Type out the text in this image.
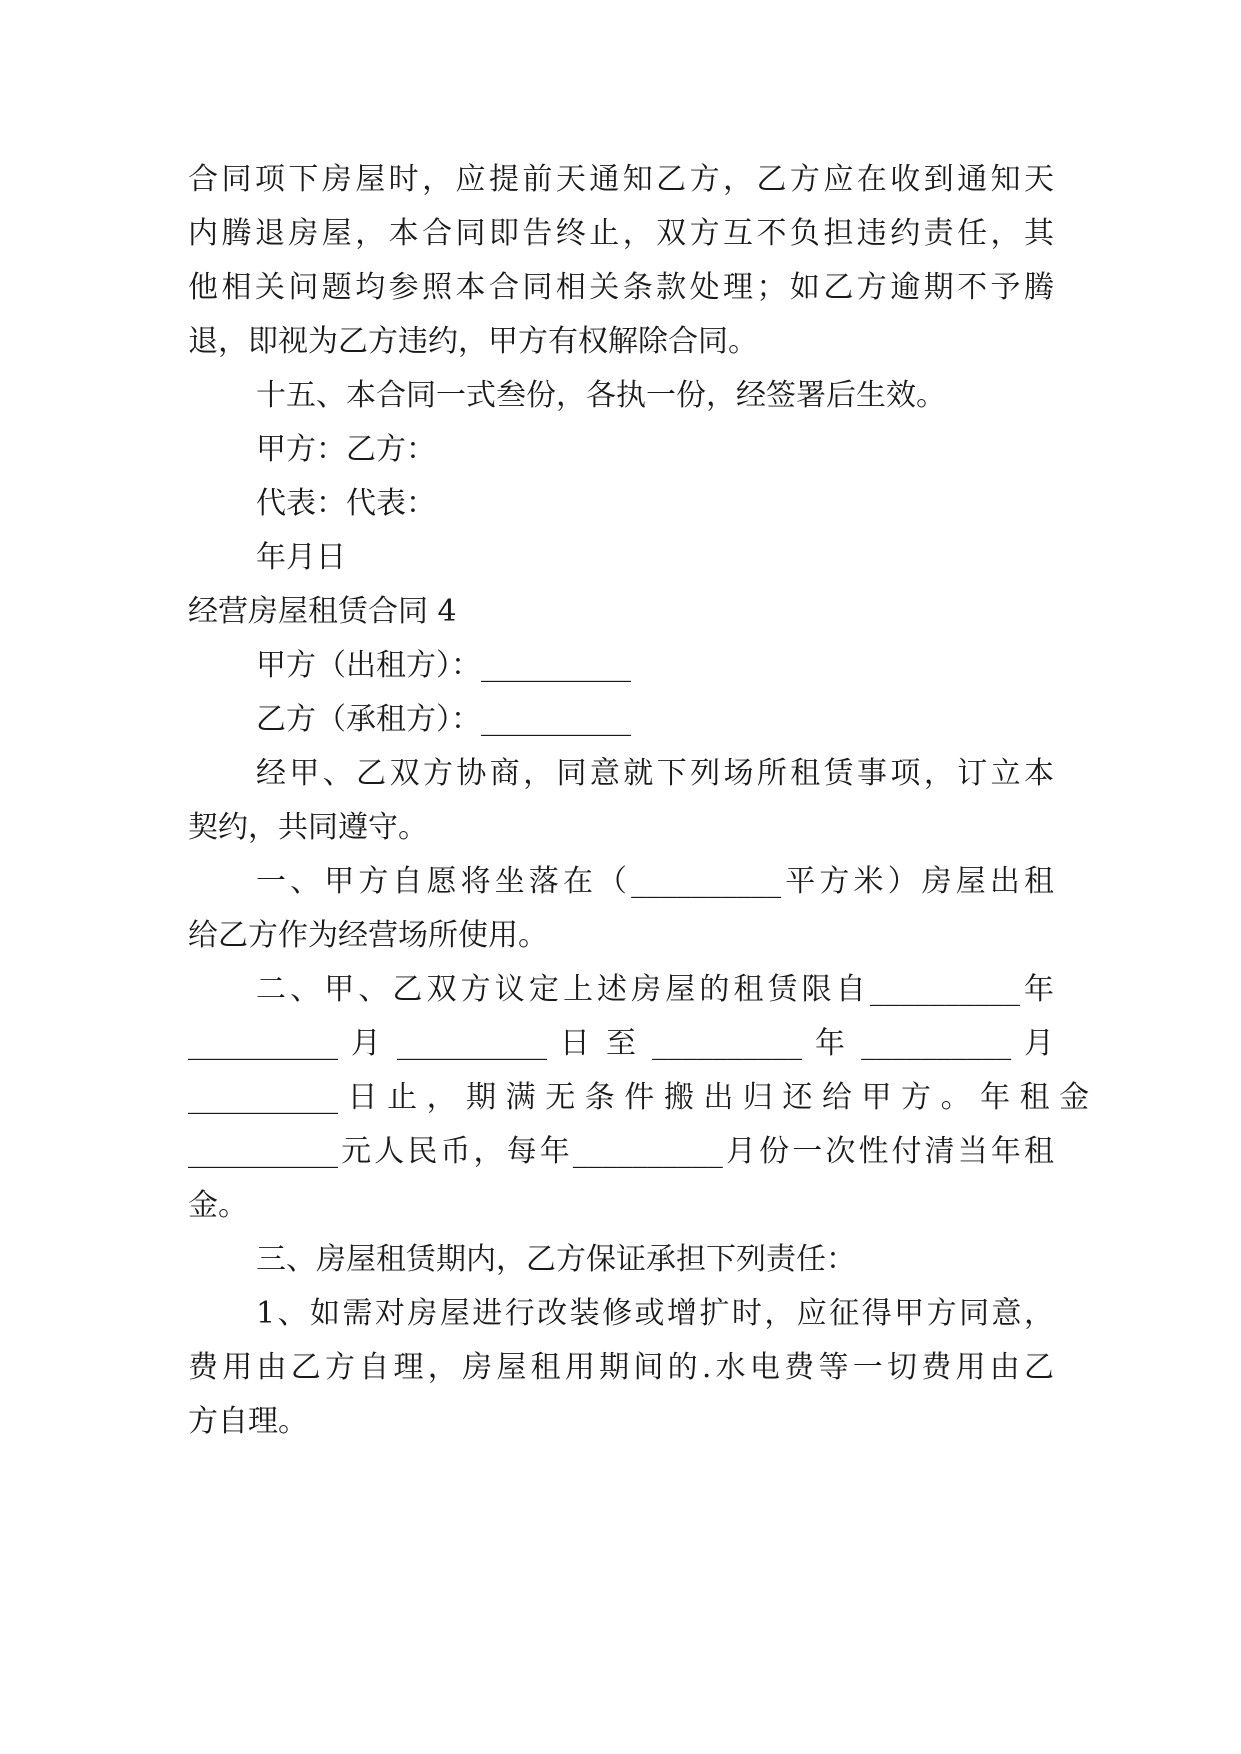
合同项下房屋时，应提前天通知乙方，乙方应在收到通知天
内腾退房屋，本合同即告终止，双方互不负担违约责任，其
他相关问题均参照本合同相关条款处理；如乙方逾期不予腾
退，即视为乙方违约，甲方有权解除合同。
十五、本合同一式叁份，各执一份，经签署后生效。
甲方：乙方：
代表：代表：
年月日
经营房屋租赁合同 4
甲方（出租方）：__________
乙方（承租方）：__________
经甲、乙双方协商，同意就下列场所租赁事项，订立本
契约，共同遵守。
一、甲方自愿将坐落在（__________平方米）房屋出租
给乙方作为经营场所使用。
二、甲、乙双方议定上述房屋的租赁限自__________年
__________ 月 __________ 日 至 __________ 年 __________ 月
__________ 日 止 ， 期 满 无 条 件 搬 出 归 还 给 甲 方 。 年 租 金
__________元人民币，每年__________月份一次性付清当年租
金。
三、房屋租赁期内，乙方保证承担下列责任：
1、如需对房屋进行改装修或增扩时，应征得甲方同意，
费用由乙方自理，房屋租用期间的.水电费等一切费用由乙
方自理。
